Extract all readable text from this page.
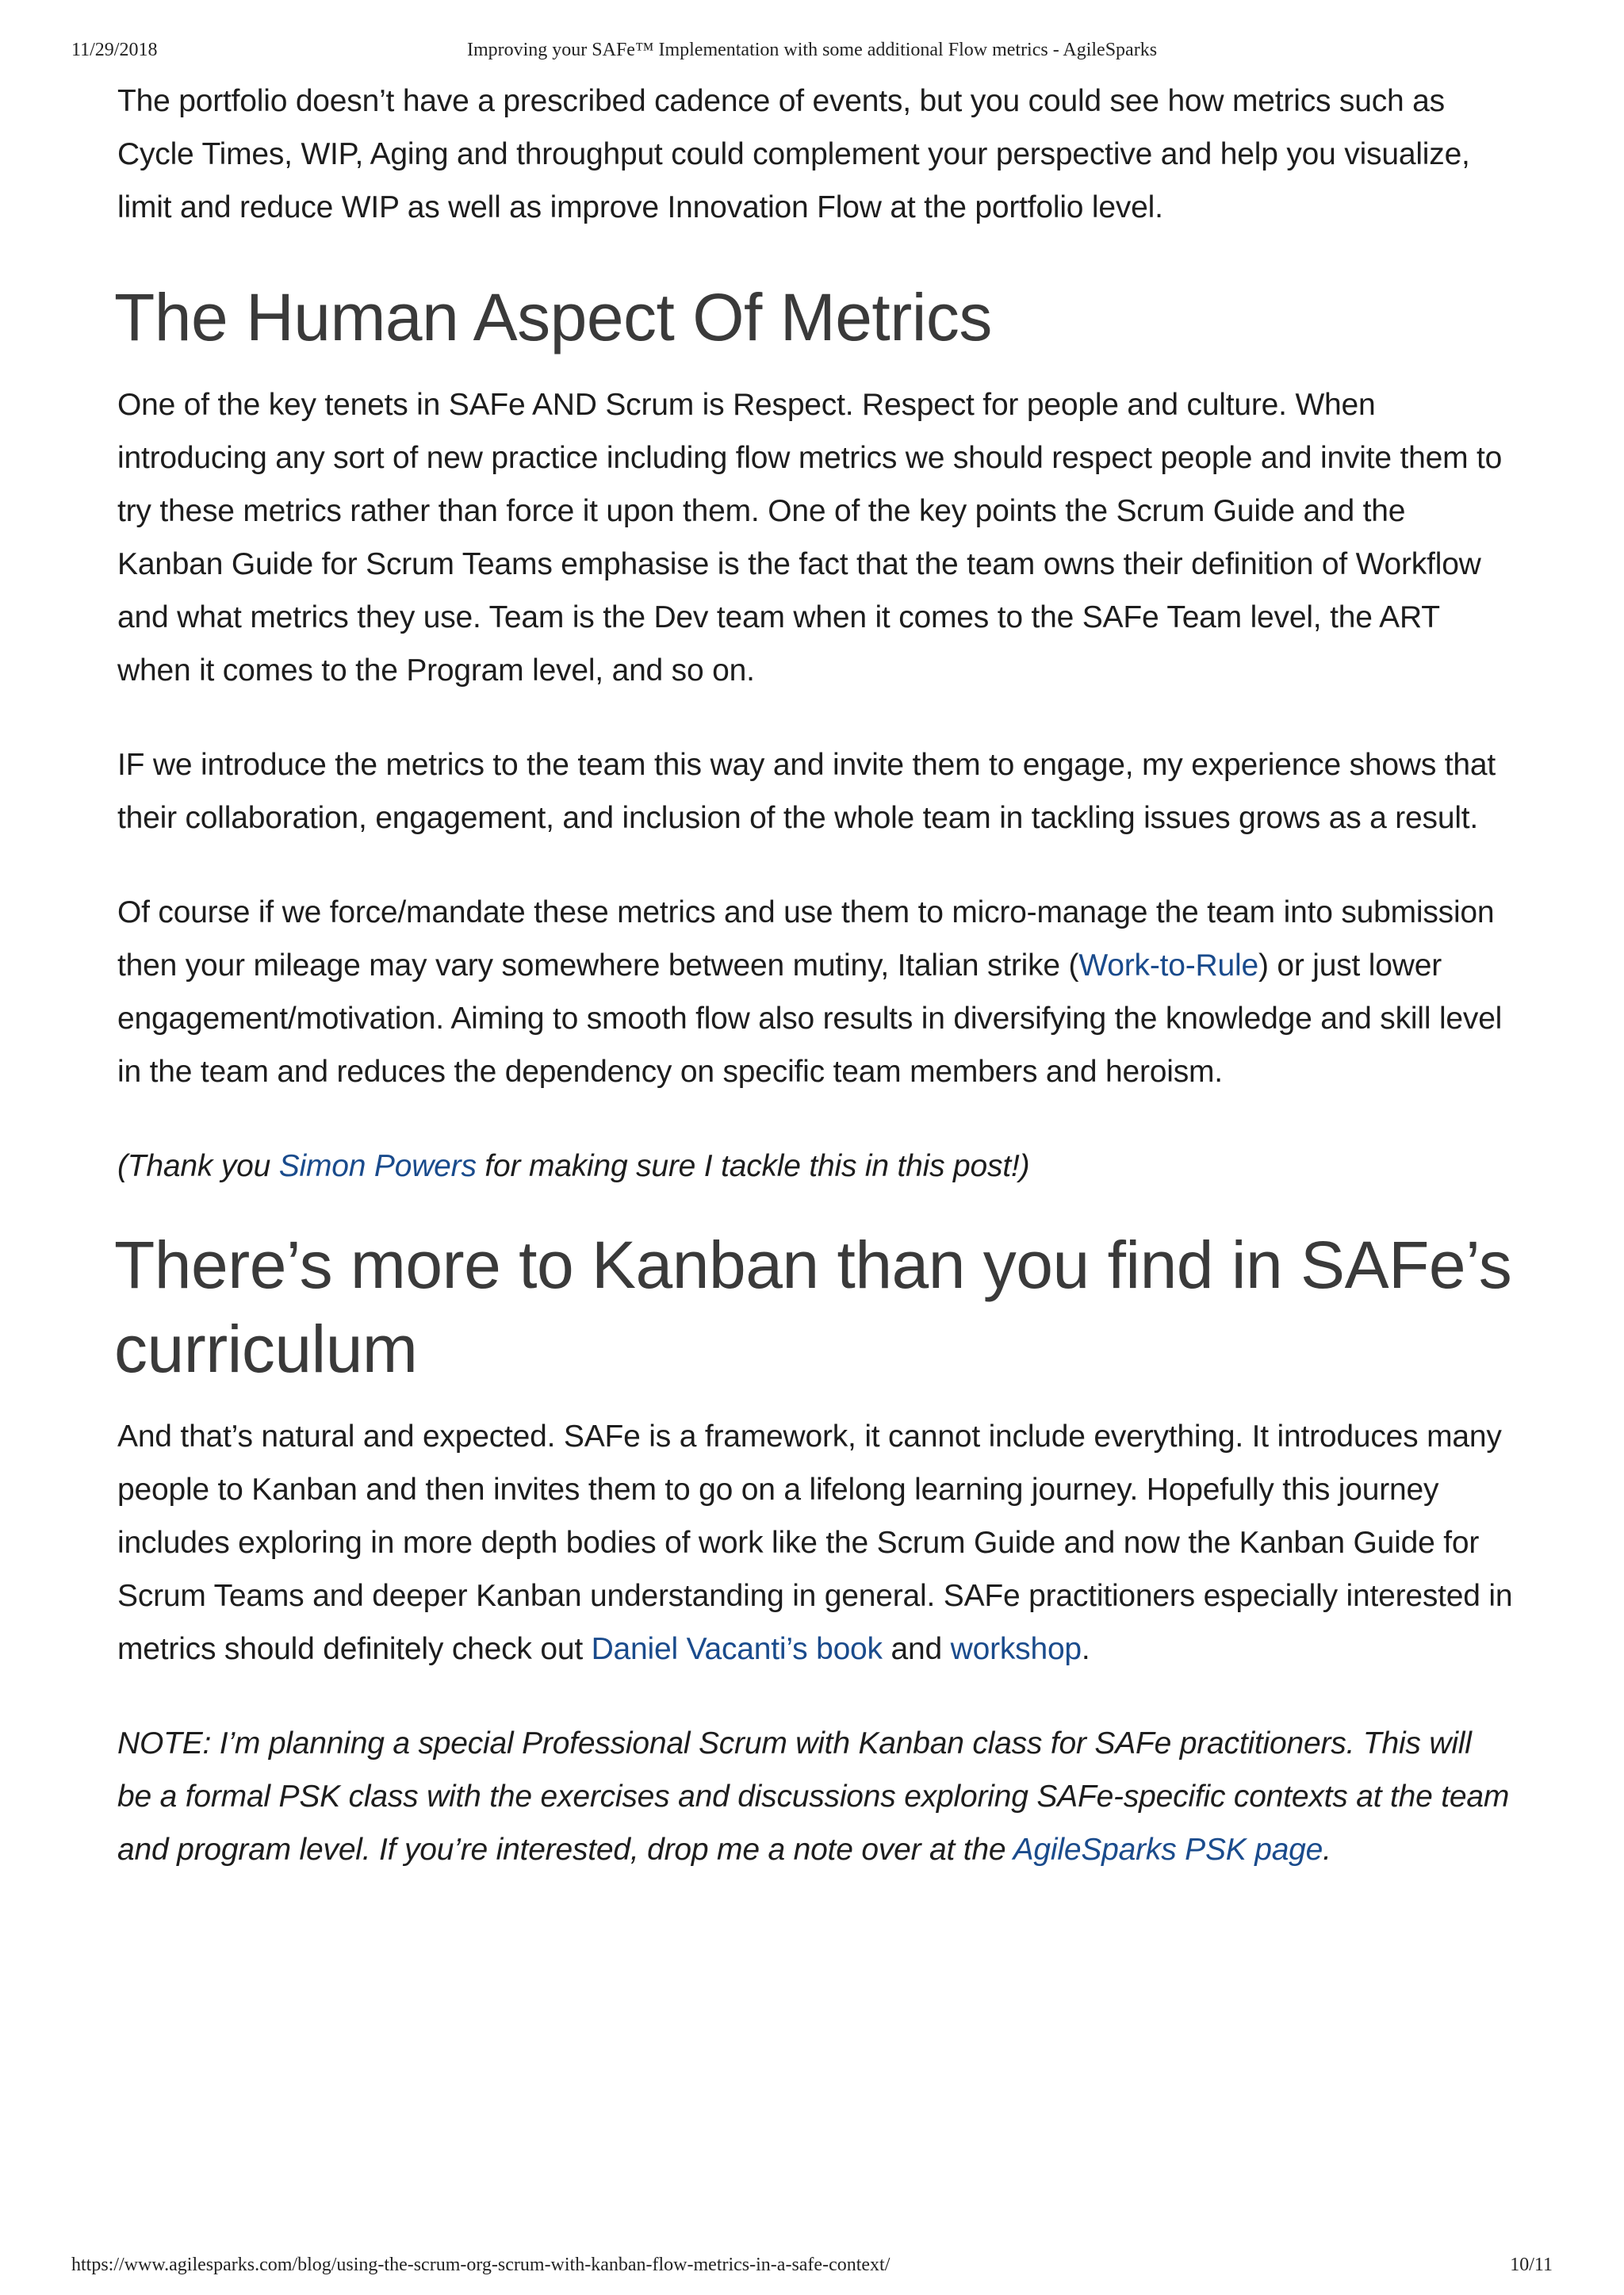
11/29/2018	Improving your SAFe™ Implementation with some additional Flow metrics - AgileSparks

The portfolio doesn’t have a prescribed cadence of events, but you could see how metrics such as Cycle Times, WIP, Aging and throughput could complement your perspective and help you visualize, limit and reduce WIP as well as improve Innovation Flow at the portfolio level.

The Human Aspect Of Metrics

One of the key tenets in SAFe AND Scrum is Respect. Respect for people and culture. When introducing any sort of new practice including flow metrics we should respect people and invite them to try these metrics rather than force it upon them. One of the key points the Scrum Guide and the Kanban Guide for Scrum Teams emphasise is the fact that the team owns their definition of Workflow and what metrics they use. Team is the Dev team when it comes to the SAFe Team level, the ART when it comes to the Program level, and so on.

IF we introduce the metrics to the team this way and invite them to engage, my experience shows that their collaboration, engagement, and inclusion of the whole team in tackling issues grows as a result.

Of course if we force/mandate these metrics and use them to micro-manage the team into submission then your mileage may vary somewhere between mutiny, Italian strike (Work-to-Rule) or just lower engagement/motivation. Aiming to smooth flow also results in diversifying the knowledge and skill level in the team and reduces the dependency on specific team members and heroism.

(Thank you Simon Powers for making sure I tackle this in this post!)

There’s more to Kanban than you find in SAFe’s curriculum

And that’s natural and expected. SAFe is a framework, it cannot include everything. It introduces many people to Kanban and then invites them to go on a lifelong learning journey. Hopefully this journey includes exploring in more depth bodies of work like the Scrum Guide and now the Kanban Guide for Scrum Teams and deeper Kanban understanding in general. SAFe practitioners especially interested in metrics should definitely check out Daniel Vacanti’s book and workshop.

NOTE: I’m planning a special Professional Scrum with Kanban class for SAFe practitioners. This will be a formal PSK class with the exercises and discussions exploring SAFe-specific contexts at the team and program level. If you’re interested, drop me a note over at the AgileSparks PSK page.

https://www.agilesparks.com/blog/using-the-scrum-org-scrum-with-kanban-flow-metrics-in-a-safe-context/	10/11
